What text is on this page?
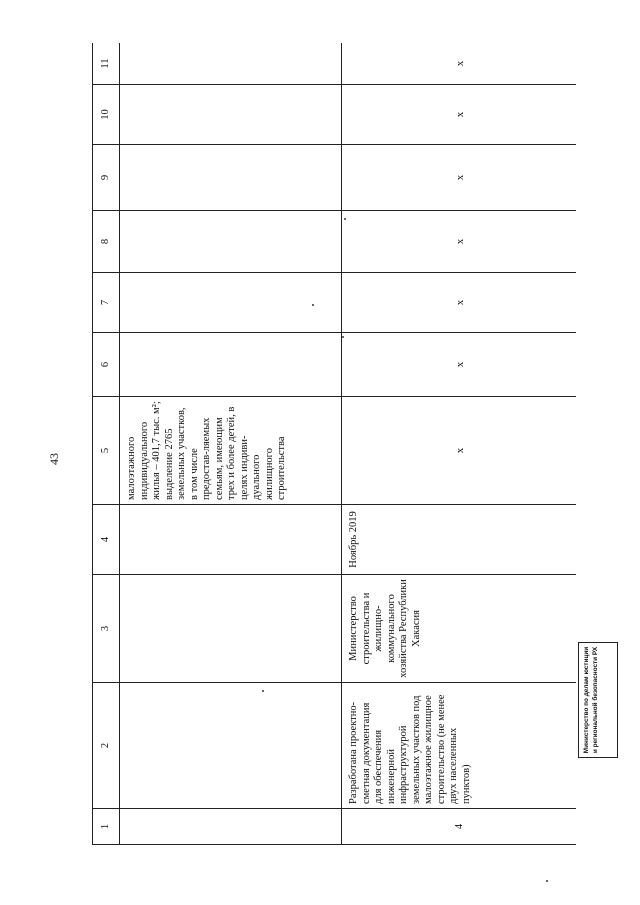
43
1	2	3	4	5	6	7	8	9	10	11

				малоэтажного индивидуального жилья – 401,7 тыс. м²; выделение 2765 земельных участков, в том числе предостав-ляемых семьям, имеющим трех и более детей, в целях индиви-дуального жилищного строительства						

4	Разработана проектно-сметная документация для обеспечения инженерной инфраструктурой земельных участков под малоэтажное жилищное строительство (не менее двух населенных пунктов)	Министерство строительства и жилищно-коммунального хозяйства Республики Хакасия	Ноябрь 2019	х	х	х	х	х	х	х
Министерство по делам юстиции и региональной безопасности РХ
